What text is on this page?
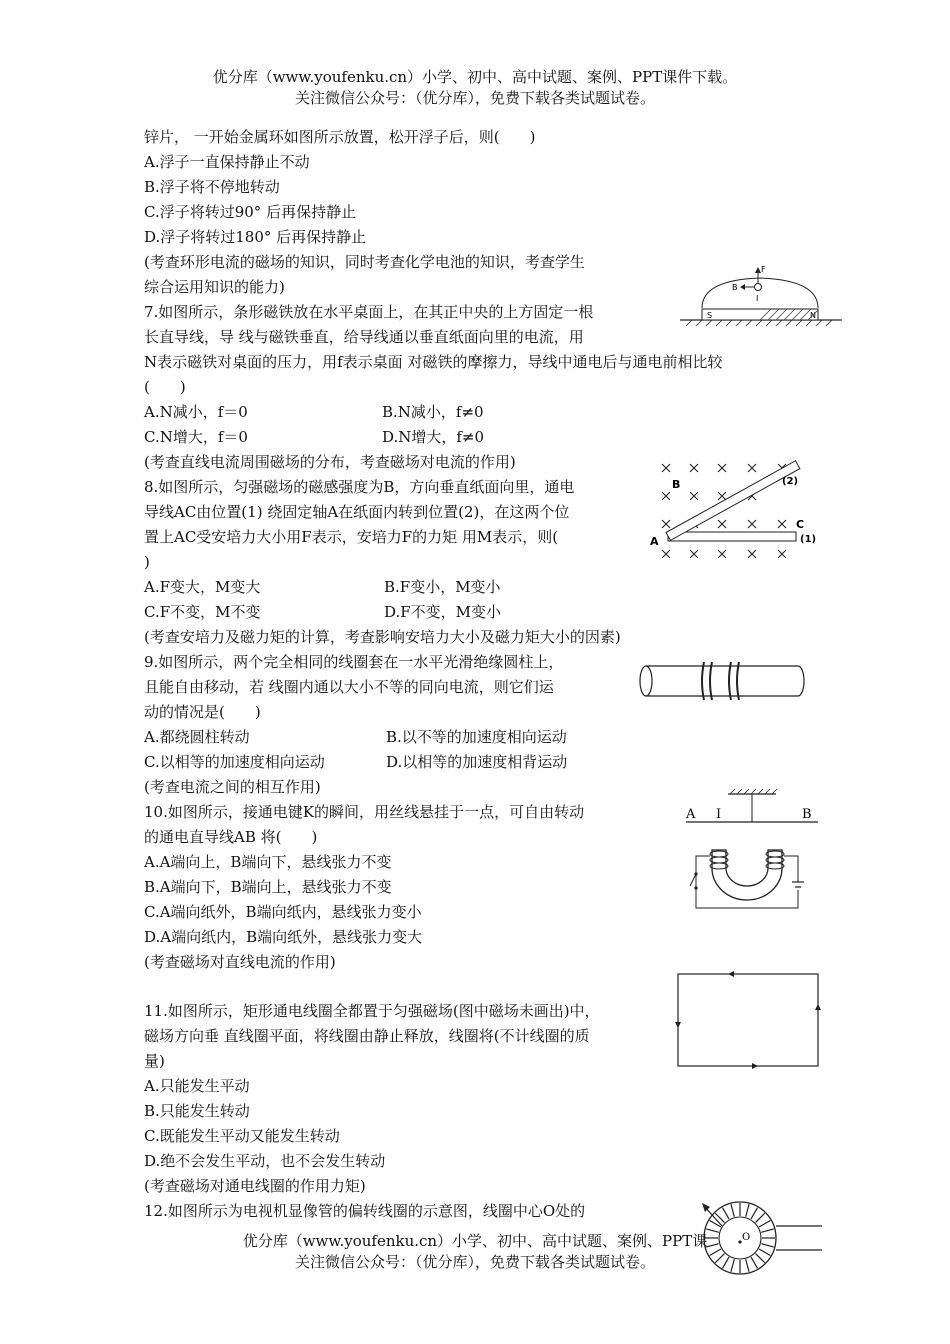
优分库（www.youfenku.cn）小学、初中、高中试题、案例、PPT课件下载。
关注微信公众号：（优分库），免费下载各类试题试卷。
锌片， 一开始金属环如图所示放置，松开浮子后，则(　　)
A.浮子一直保持静止不动
B.浮子将不停地转动
C.浮子将转过90° 后再保持静止
D.浮子将转过180° 后再保持静止
(考查环形电流的磁场的知识，同时考查化学电池的知识，考查学生
综合运用知识的能力)
7.如图所示，条形磁铁放在水平桌面上，在其正中央的上方固定一根
长直导线，导 线与磁铁垂直，给导线通以垂直纸面向里的电流，用
N表示磁铁对桌面的压力，用f表示桌面 对磁铁的摩擦力，导线中通电后与通电前相比较
(　　)
A.N减小，f＝0	B.N减小，f≠0
C.N增大，f＝0	D.N增大，f≠0
(考查直线电流周围磁场的分布，考查磁场对电流的作用)
B
F
I
S	N
8.如图所示，匀强磁场的磁感强度为B，方向垂直纸面向里，通电
导线AC由位置(1) 绕固定轴A在纸面内转到位置(2)，在这两个位
置上AC受安培力大小用F表示，安培力F的力矩 用M表示，则(
)
A.F变大，M变大	B.F变小，M变小
C.F不变，M不变	D.F不变，M变小
(考查安培力及磁力矩的计算，考查影响安培力大小及磁力矩大小的因素)
A
B
C
(1)
(2)
9.如图所示，两个完全相同的线圈套在一水平光滑绝缘圆柱上，
且能自由移动，若 线圈内通以大小不等的同向电流，则它们运
动的情况是(　　)
A.都绕圆柱转动	B.以不等的加速度相向运动
C.以相等的加速度相向运动	D.以相等的加速度相背运动
(考查电流之间的相互作用)
10.如图所示，接通电键K的瞬间，用丝线悬挂于一点，可自由转动
的通电直导线AB 将(　　)
A.A端向上，B端向下，悬线张力不变
B.A端向下，B端向上，悬线张力不变
C.A端向纸外，B端向纸内，悬线张力变小
D.A端向纸内，B端向纸外，悬线张力变大
(考查磁场对直线电流的作用)
A I	B
11.如图所示，矩形通电线圈全都置于匀强磁场(图中磁场未画出)中，
磁场方向垂 直线圈平面，将线圈由静止释放，线圈将(不计线圈的质
量)
A.只能发生平动
B.只能发生转动
C.既能发生平动又能发生转动
D.绝不会发生平动，也不会发生转动
(考查磁场对通电线圈的作用力矩)
12.如图所示为电视机显像管的偏转线圈的示意图，线圈中心O处的
O
优分库（www.youfenku.cn）小学、初中、高中试题、案例、PPT课
关注微信公众号：（优分库），免费下载各类试题试卷。
